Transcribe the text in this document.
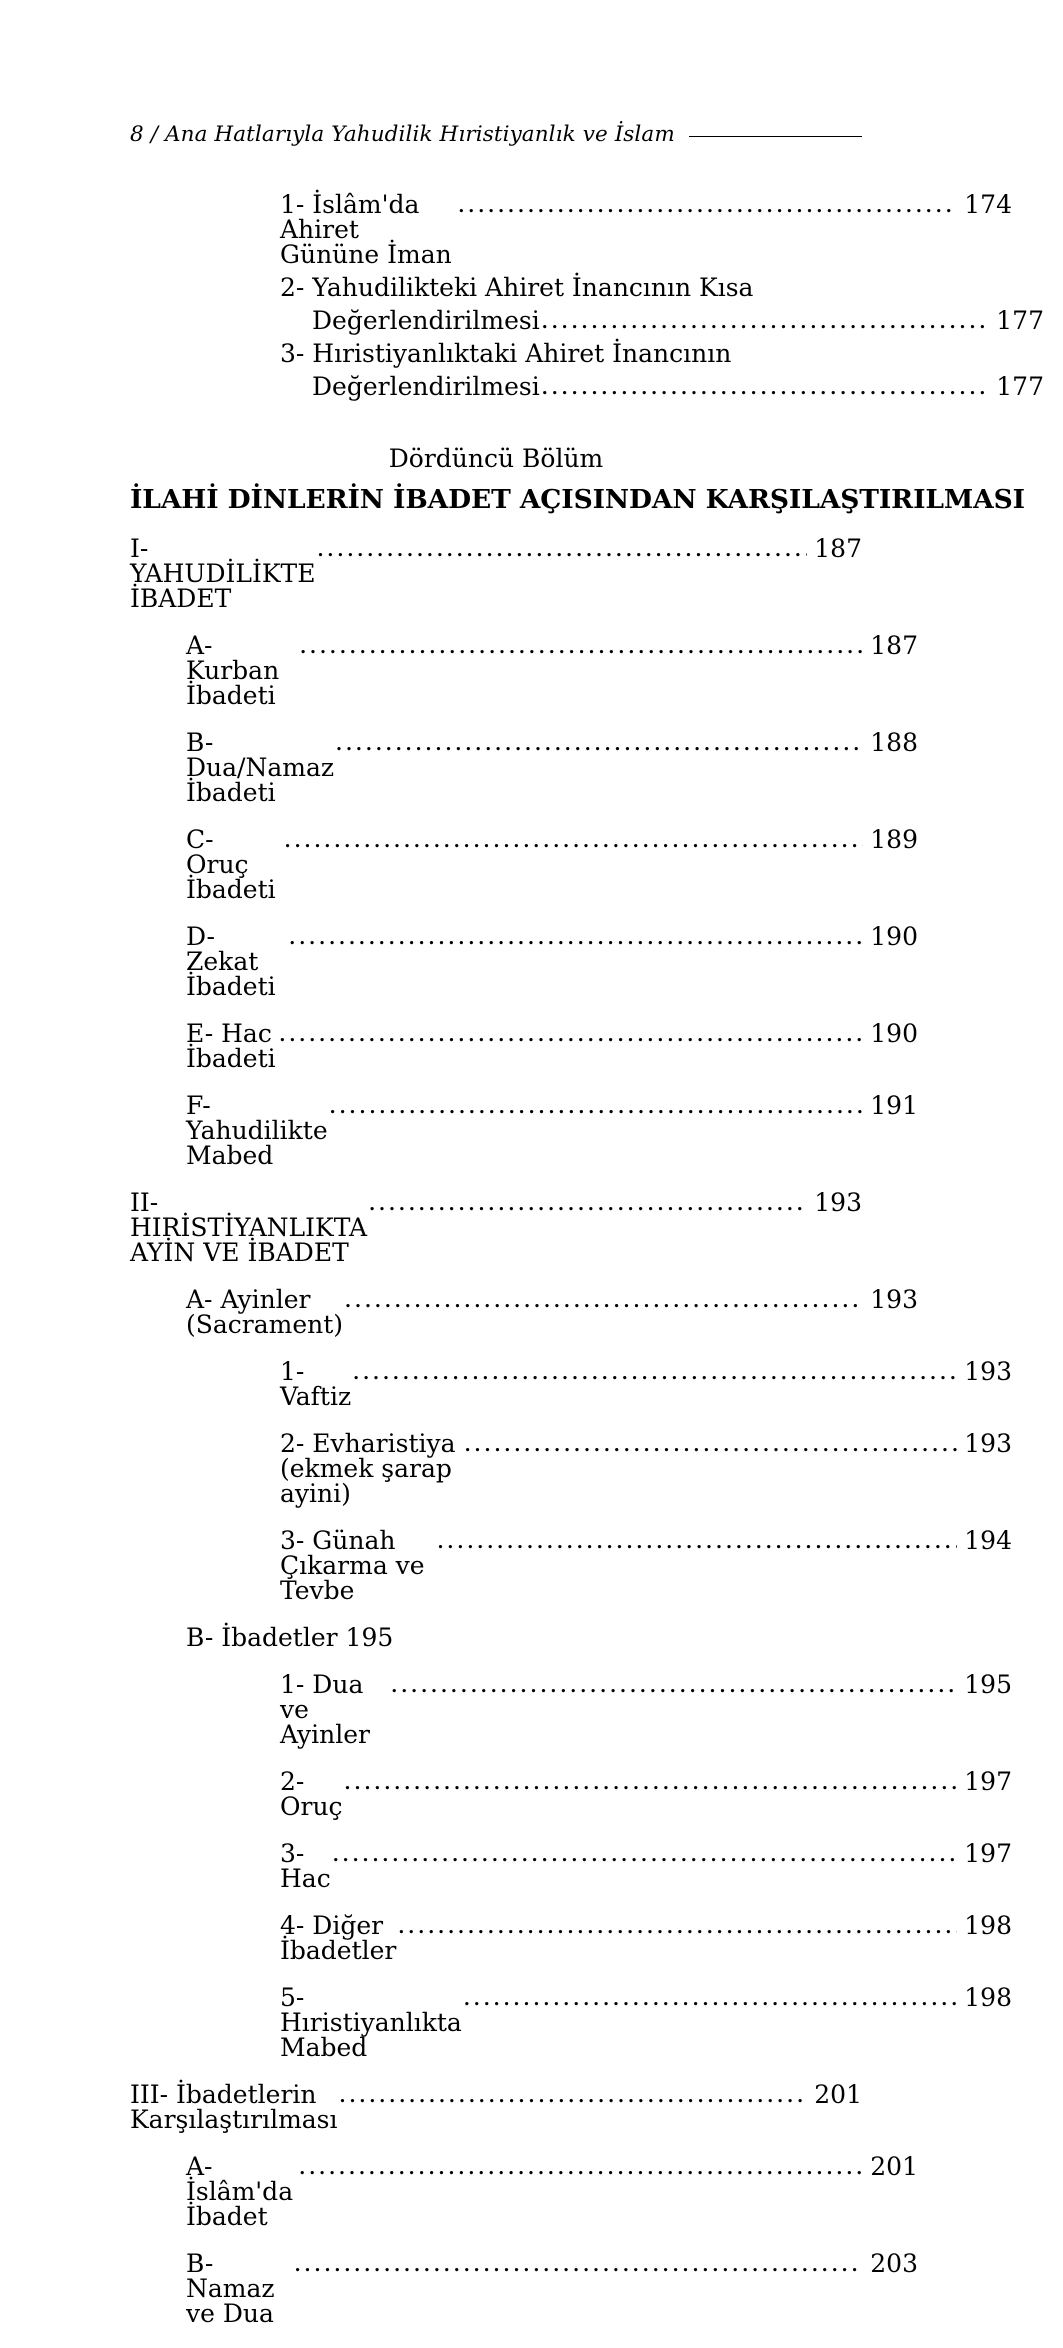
8 / Ana Hatlarıyla Yahudilik Hıristiyanlık ve İslam
1- İslâm'da Ahiret Gününe İman
.....
174
2- Yahudilikteki Ahiret İnancının Kısa
Değerlendirilmesi .....	177
3- Hıristiyanlıktaki Ahiret İnancının
Değerlendirilmesi .....	177
Dördüncü Bölüm
İLAHİ DİNLERİN İBADET AÇISINDAN KARŞILAŞTIRILMASI
I- YAHUDİLİKTE İBADET
.....
187
A- Kurban İbadeti
.....
187
B- Dua/Namaz İbadeti
.....
188
C- Oruç İbadeti
.....
189
D- Zekat İbadeti
.....
190
E- Hac İbadeti
.....
190
F- Yahudilikte Mabed
.....
191
II- HIRİSTİYANLIKTA AYİN VE İBADET
.....
193
A- Ayinler (Sacrament)
.....
193
1- Vaftiz
.....
193
2- Evharistiya (ekmek şarap ayini)
.....
193
3- Günah Çıkarma ve Tevbe
.....
194
B- İbadetler 195
1- Dua ve Ayinler
.....
195
2- Oruç
.....
197
3- Hac
.....
197
4- Diğer İbadetler
.....
198
5- Hıristiyanlıkta Mabed
.....
198
III- İbadetlerin Karşılaştırılması
.....
201
A- İslâm'da İbadet
.....
201
B- Namaz ve Dua
.....
203
